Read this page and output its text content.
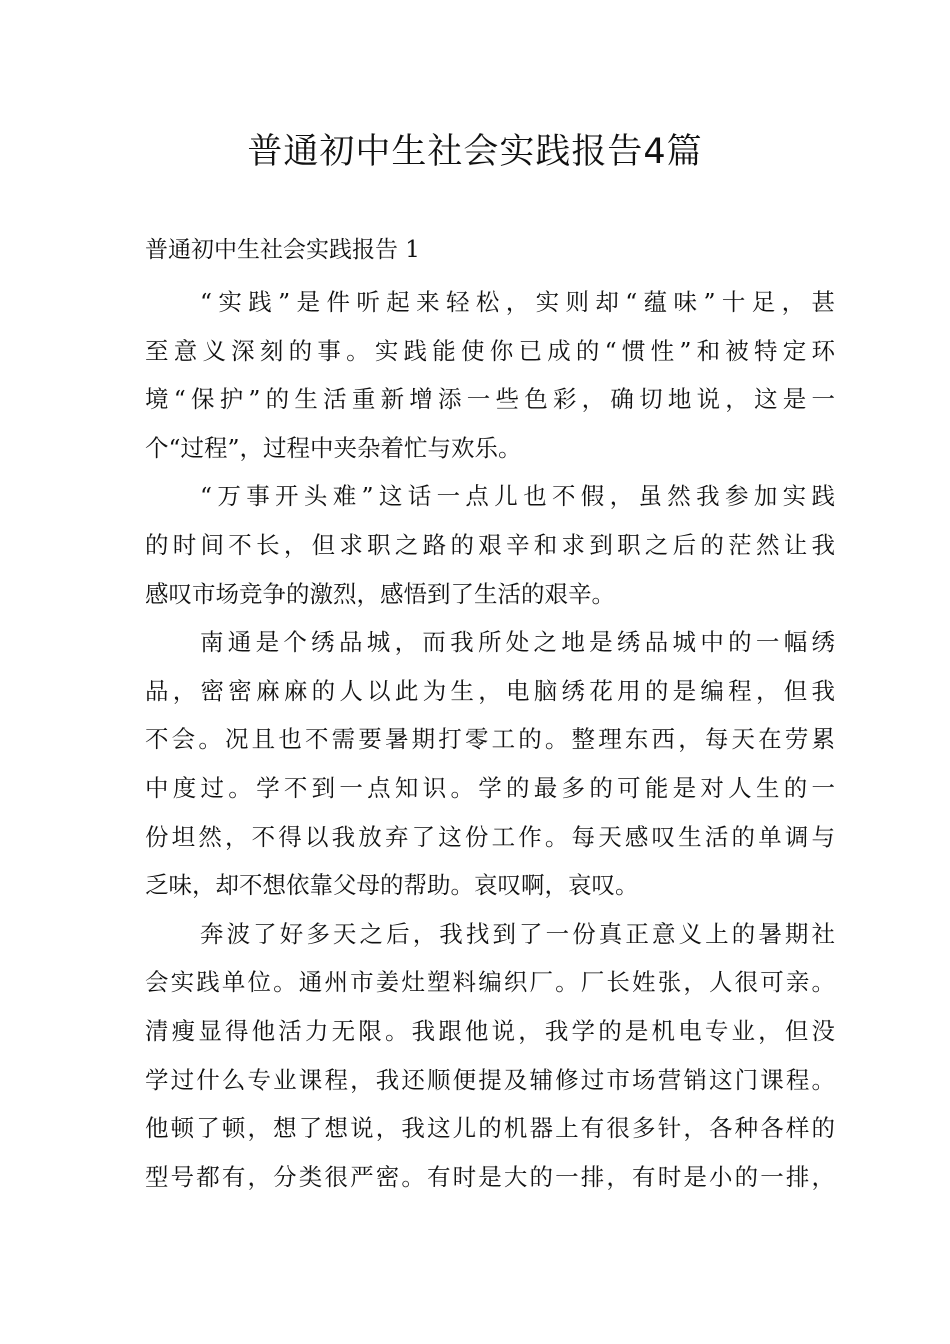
普通初中生社会实践报告4篇
普通初中生社会实践报告 1
“实践”是件听起来轻松，实则却“蕴味”十足，甚
至意义深刻的事。实践能使你已成的“惯性”和被特定环
境“保护”的生活重新增添一些色彩，确切地说，这是一
个“过程”，过程中夹杂着忙与欢乐。
“万事开头难”这话一点儿也不假，虽然我参加实践
的时间不长，但求职之路的艰辛和求到职之后的茫然让我
感叹市场竞争的激烈，感悟到了生活的艰辛。
南通是个绣品城，而我所处之地是绣品城中的一幅绣
品，密密麻麻的人以此为生，电脑绣花用的是编程，但我
不会。况且也不需要暑期打零工的。整理东西，每天在劳累
中度过。学不到一点知识。学的最多的可能是对人生的一
份坦然，不得以我放弃了这份工作。每天感叹生活的单调与
乏味，却不想依靠父母的帮助。哀叹啊，哀叹。
奔波了好多天之后，我找到了一份真正意义上的暑期社
会实践单位。通州市姜灶塑料编织厂。厂长姓张，人很可亲。
清瘦显得他活力无限。我跟他说，我学的是机电专业，但没
学过什么专业课程，我还顺便提及辅修过市场营销这门课程。
他顿了顿，想了想说，我这儿的机器上有很多针，各种各样的
型号都有，分类很严密。有时是大的一排，有时是小的一排，
